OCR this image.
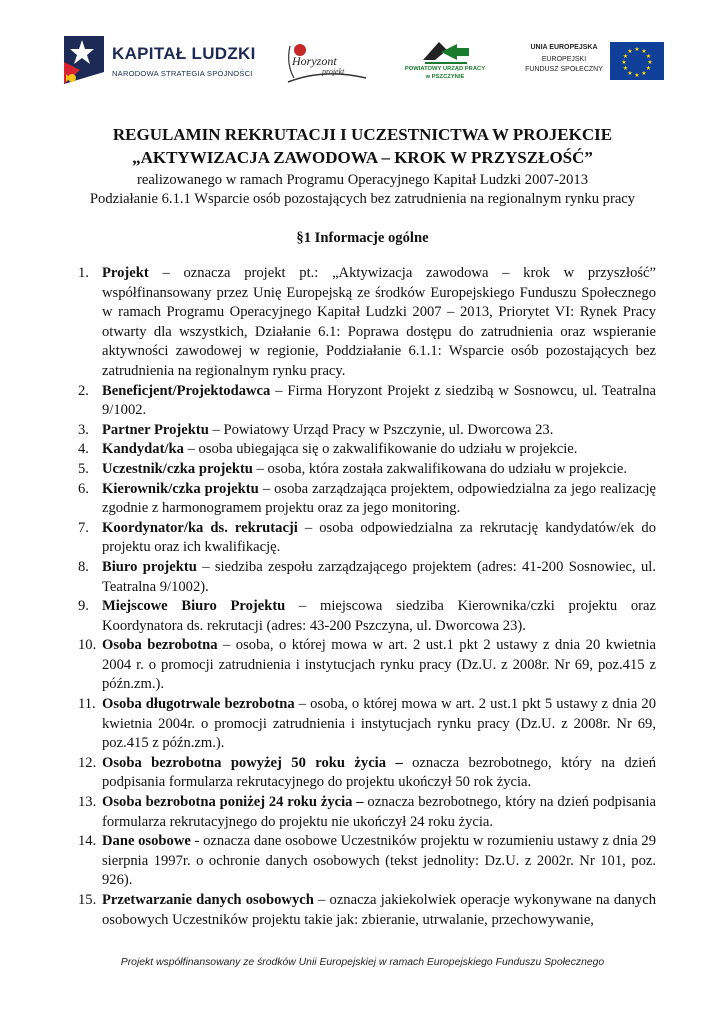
KAPITAŁ LUDZKI
NARODOWA STRATEGIA SPÓJNOŚCI
Horyzont
projekt	POWIATOWY URZĄD PRACY
w PSZCZYNIE
UNIA EUROPEJSKA
EUROPEJSKI
FUNDUSZ SPOŁECZNY
★ ★
★
★
★
★
★
★
★
★
★
★
REGULAMIN REKRUTACJI I UCZESTNICTWA W PROJEKCIE
„AKTYWIZACJA ZAWODOWA – KROK W PRZYSZŁOŚĆ”
realizowanego w ramach Programu Operacyjnego Kapitał Ludzki 2007-2013
Podziałanie 6.1.1 Wsparcie osób pozostających bez zatrudnienia na regionalnym rynku pracy
§1 Informacje ogólne
1. Projekt – oznacza projekt pt.: „Aktywizacja zawodowa – krok w przyszłość” współfinansowany przez Unię Europejską ze środków Europejskiego Funduszu Społecznego w ramach Programu Operacyjnego Kapitał Ludzki 2007 – 2013, Priorytet VI: Rynek Pracy otwarty dla wszystkich, Działanie 6.1: Poprawa dostępu do zatrudnienia oraz wspieranie aktywności zawodowej w regionie, Poddziałanie 6.1.1: Wsparcie osób pozostających bez zatrudnienia na regionalnym rynku pracy.
2. Beneficjent/Projektodawca – Firma Horyzont Projekt z siedzibą w Sosnowcu, ul. Teatralna 9/1002.
3. Partner Projektu – Powiatowy Urząd Pracy w Pszczynie, ul. Dworcowa 23.
4. Kandydat/ka – osoba ubiegająca się o zakwalifikowanie do udziału w projekcie.
5. Uczestnik/czka projektu – osoba, która została zakwalifikowana do udziału w projekcie.
6. Kierownik/czka projektu – osoba zarządzająca projektem, odpowiedzialna za jego realizację zgodnie z harmonogramem projektu oraz za jego monitoring.
7. Koordynator/ka ds. rekrutacji – osoba odpowiedzialna za rekrutację kandydatów/ek do projektu oraz ich kwalifikację.
8. Biuro projektu – siedziba zespołu zarządzającego projektem (adres: 41-200 Sosnowiec, ul. Teatralna 9/1002).
9. Miejscowe Biuro Projektu – miejscowa siedziba Kierownika/czki projektu oraz Koordynatora ds. rekrutacji (adres: 43-200 Pszczyna, ul. Dworcowa 23).
10. Osoba bezrobotna – osoba, o której mowa w art. 2 ust.1 pkt 2 ustawy z dnia 20 kwietnia 2004 r. o promocji zatrudnienia i instytucjach rynku pracy (Dz.U. z 2008r. Nr 69, poz.415 z późn.zm.).
11. Osoba długotrwale bezrobotna – osoba, o której mowa w art. 2 ust.1 pkt 5 ustawy z dnia 20 kwietnia 2004r. o promocji zatrudnienia i instytucjach rynku pracy (Dz.U. z 2008r. Nr 69, poz.415 z późn.zm.).
12. Osoba bezrobotna powyżej 50 roku życia – oznacza bezrobotnego, który na dzień podpisania formularza rekrutacyjnego do projektu ukończył 50 rok życia.
13. Osoba bezrobotna poniżej 24 roku życia – oznacza bezrobotnego, który na dzień podpisania formularza rekrutacyjnego do projektu nie ukończył 24 roku życia.
14. Dane osobowe - oznacza dane osobowe Uczestników projektu w rozumieniu ustawy z dnia 29 sierpnia 1997r. o ochronie danych osobowych (tekst jednolity: Dz.U. z 2002r. Nr 101, poz. 926).
15. Przetwarzanie danych osobowych – oznacza jakiekolwiek operacje wykonywane na danych osobowych Uczestników projektu takie jak: zbieranie, utrwalanie, przechowywanie,
Projekt współfinansowany ze środków Unii Europejskiej w ramach Europejskiego Funduszu Społecznego
